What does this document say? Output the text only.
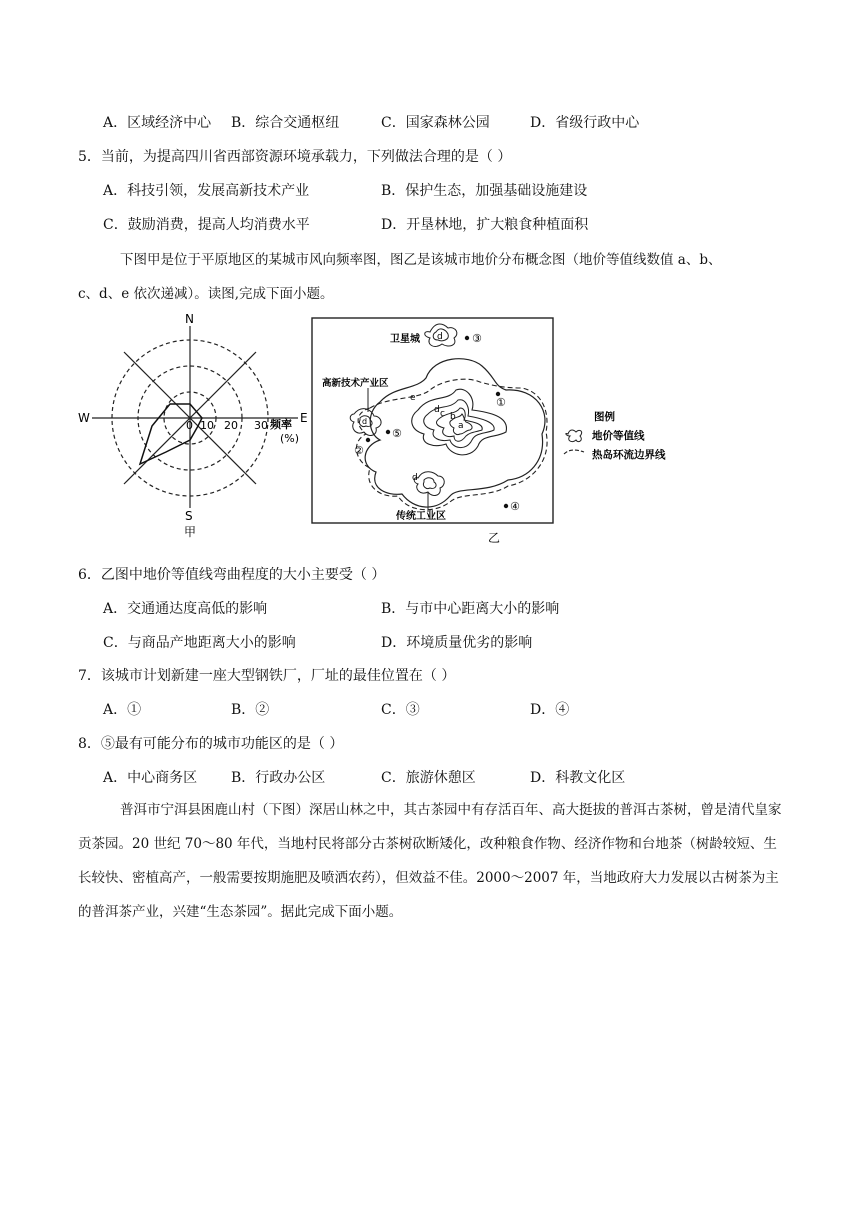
A．区域经济中心 B．综合交通枢纽	C．国家森林公园	D．省级行政中心
5．当前，为提高四川省西部资源环境承载力，下列做法合理的是（ ）
A．科技引领，发展高新技术产业	B．保护生态，加强基础设施建设
C．鼓励消费，提高人均消费水平	D．开垦林地，扩大粮食种植面积
下图甲是位于平原地区的某城市风向频率图，图乙是该城市地价分布概念图（地价等值线数值 a、b、
c、d、e 依次递减）。读图,完成下面小题。
N
S
W	E
0 10 20 30 频率
(%)
甲
d
卫星城	③
a
b
c
d
e
d
高新技术产业区
d
传统工业区
①
②
④
⑤
乙
图例
地价等值线
热岛环流边界线
6．乙图中地价等值线弯曲程度的大小主要受（ ）
A．交通通达度高低的影响	B．与市中心距离大小的影响
C．与商品产地距离大小的影响	D．环境质量优劣的影响
7．该城市计划新建一座大型钢铁厂，厂址的最佳位置在（ ）
A．①	B．②	C．③	D．④
8．⑤最有可能分布的城市功能区的是（ ）
A．中心商务区 B．行政办公区	C．旅游休憩区	D．科教文化区
普洱市宁洱县困鹿山村（下图）深居山林之中，其古茶园中有存活百年、高大挺拔的普洱古茶树，曾是清代皇家贡茶园。20 世纪 70～80 年代，当地村民将部分古茶树砍断矮化，改种粮食作物、经济作物和台地茶（树龄较短、生长较快、密植高产，一般需要按期施肥及喷洒农药），但效益不佳。2000～2007 年，当地政府大力发展以古树茶为主的普洱茶产业，兴建“生态茶园”。据此完成下面小题。
